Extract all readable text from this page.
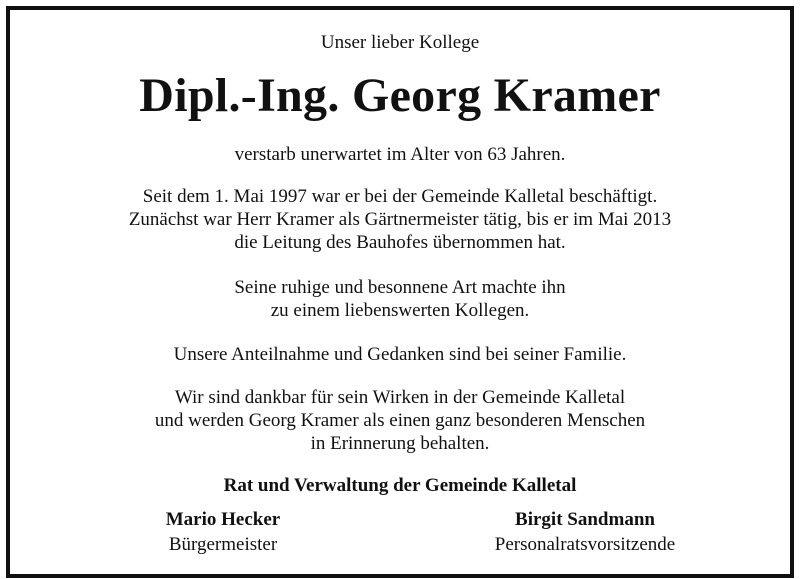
Unser lieber Kollege
Dipl.-Ing. Georg Kramer
verstarb unerwartet im Alter von 63 Jahren.
Seit dem 1. Mai 1997 war er bei der Gemeinde Kalletal beschäftigt.
Zunächst war Herr Kramer als Gärtnermeister tätig, bis er im Mai 2013
die Leitung des Bauhofes übernommen hat.
Seine ruhige und besonnene Art machte ihn
zu einem liebenswerten Kollegen.
Unsere Anteilnahme und Gedanken sind bei seiner Familie.
Wir sind dankbar für sein Wirken in der Gemeinde Kalletal
und werden Georg Kramer als einen ganz besonderen Menschen
in Erinnerung behalten.
Rat und Verwaltung der Gemeinde Kalletal
Mario Hecker
Bürgermeister
Birgit Sandmann
Personalratsvorsitzende
